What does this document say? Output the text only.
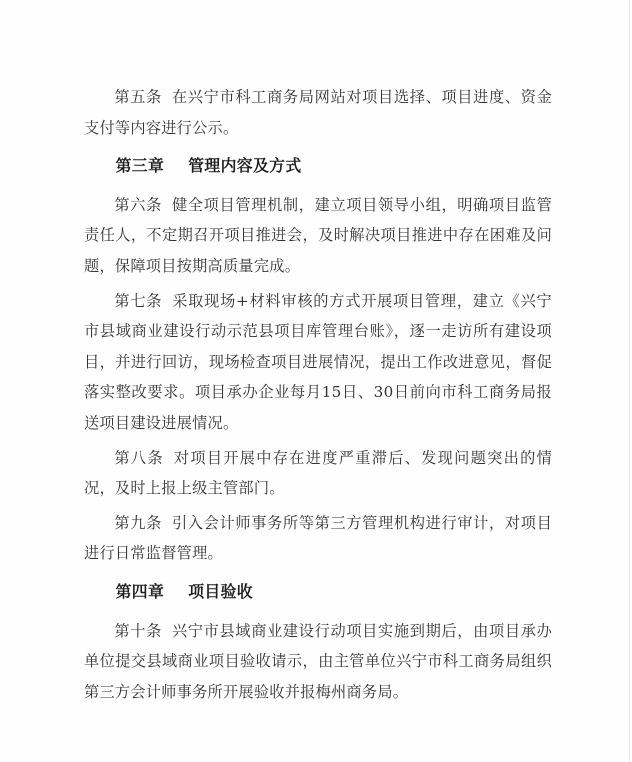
第五条 在兴宁市科工商务局网站对项目选择、项目进度、资金支付等内容进行公示。

第三章 管理内容及方式

第六条 健全项目管理机制，建立项目领导小组，明确项目监管责任人，不定期召开项目推进会，及时解决项目推进中存在困难及问题，保障项目按期高质量完成。

第七条 采取现场+材料审核的方式开展项目管理，建立《兴宁市县域商业建设行动示范县项目库管理台账》，逐一走访所有建设项目，并进行回访，现场检查项目进展情况，提出工作改进意见，督促落实整改要求。项目承办企业每月15日、30日前向市科工商务局报送项目建设进展情况。

第八条 对项目开展中存在进度严重滞后、发现问题突出的情况，及时上报上级主管部门。

第九条 引入会计师事务所等第三方管理机构进行审计，对项目进行日常监督管理。

第四章 项目验收

第十条 兴宁市县域商业建设行动项目实施到期后，由项目承办单位提交县域商业项目验收请示，由主管单位兴宁市科工商务局组织第三方会计师事务所开展验收并报梅州商务局。
